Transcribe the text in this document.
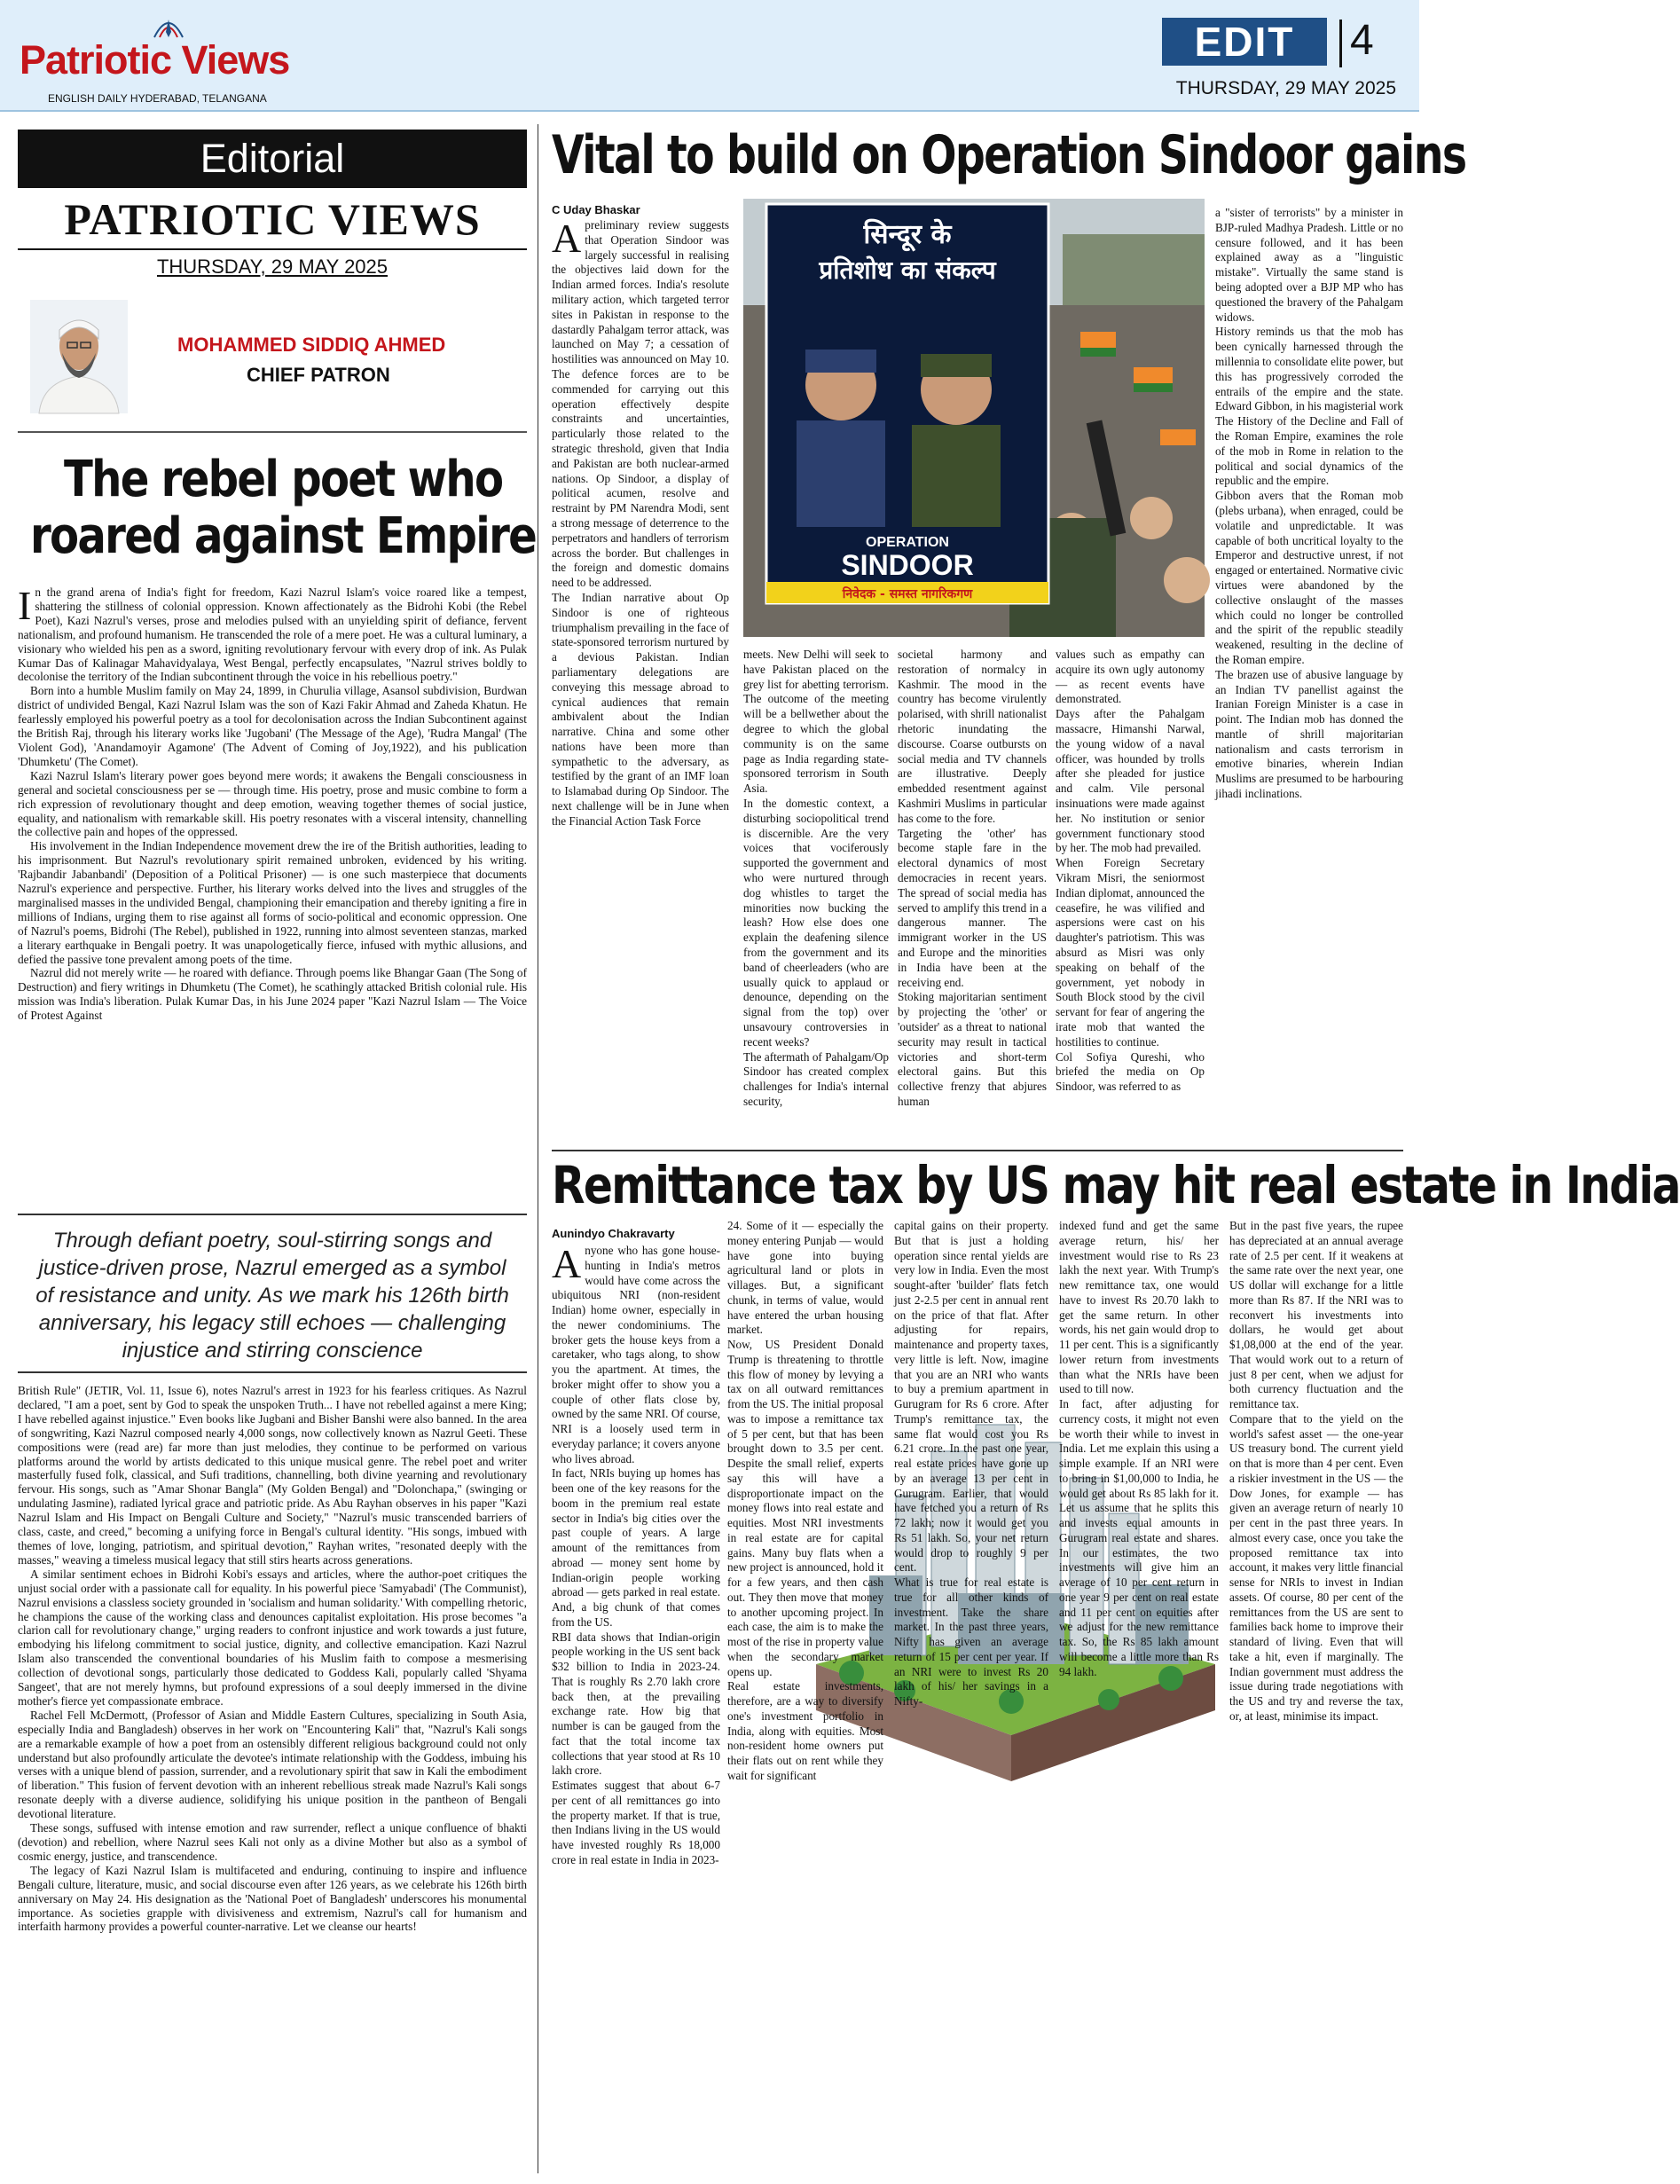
Patriotic Views
ENGLISH DAILY HYDERABAD, TELANGANA
EDIT	4
THURSDAY, 29 MAY 2025
Editorial
PATRIOTIC VIEWS
THURSDAY, 29 MAY 2025
MOHAMMED SIDDIQ AHMED
CHIEF PATRON
The rebel poet who
roared against Empire

In the grand arena of India's fight for freedom, Kazi Nazrul Islam's voice roared like a tempest, shattering the stillness of colonial oppression. Known affectionately as the Bidrohi Kobi (the Rebel Poet), Kazi Nazrul's verses, prose and melodies pulsed with an unyielding spirit of defiance, fervent nationalism, and profound humanism. He transcended the role of a mere poet. He was a cultural luminary, a visionary who wielded his pen as a sword, igniting revolutionary fervour with every drop of ink. As Pulak Kumar Das of Kalinagar Mahavidyalaya, West Bengal, perfectly encapsulates, "Nazrul strives boldly to decolonise the territory of the Indian subcontinent through the voice in his rebellious poetry."

Born into a humble Muslim family on May 24, 1899, in Churulia village, Asansol subdivision, Burdwan district of undivided Bengal, Kazi Nazrul Islam was the son of Kazi Fakir Ahmad and Zaheda Khatun. He fearlessly employed his powerful poetry as a tool for decolonisation across the Indian Subcontinent against the British Raj, through his literary works like 'Jugobani' (The Message of the Age), 'Rudra Mangal' (The Violent God), 'Anandamoyir Agamone' (The Advent of Coming of Joy,1922), and his publication 'Dhumketu' (The Comet).

Kazi Nazrul Islam's literary power goes beyond mere words; it awakens the Bengali consciousness in general and societal consciousness per se — through time. His poetry, prose and music combine to form a rich expression of revolutionary thought and deep emotion, weaving together themes of social justice, equality, and nationalism with remarkable skill. His poetry resonates with a visceral intensity, channelling the collective pain and hopes of the oppressed.

His involvement in the Indian Independence movement drew the ire of the British authorities, leading to his imprisonment. But Nazrul's revolutionary spirit remained unbroken, evidenced by his writing. 'Rajbandir Jabanbandi' (Deposition of a Political Prisoner) — is one such masterpiece that documents Nazrul's experience and perspective. Further, his literary works delved into the lives and struggles of the marginalised masses in the undivided Bengal, championing their emancipation and thereby igniting a fire in millions of Indians, urging them to rise against all forms of socio-political and economic oppression. One of Nazrul's poems, Bidrohi (The Rebel), published in 1922, running into almost seventeen stanzas, marked a literary earthquake in Bengali poetry. It was unapologetically fierce, infused with mythic allusions, and defied the passive tone prevalent among poets of the time.

Nazrul did not merely write — he roared with defiance. Through poems like Bhangar Gaan (The Song of Destruction) and fiery writings in Dhumketu (The Comet), he scathingly attacked British colonial rule. His mission was India's liberation. Pulak Kumar Das, in his June 2024 paper "Kazi Nazrul Islam — The Voice of Protest Against

Through defiant poetry, soul-stirring songs and justice-driven prose, Nazrul emerged as a symbol of resistance and unity. As we mark his 126th birth anniversary, his legacy still echoes — challenging injustice and stirring conscience

British Rule" (JETIR, Vol. 11, Issue 6), notes Nazrul's arrest in 1923 for his fearless critiques. As Nazrul declared, "I am a poet, sent by God to speak the unspoken Truth... I have not rebelled against a mere King; I have rebelled against injustice." Even books like Jugbani and Bisher Banshi were also banned. In the area of songwriting, Kazi Nazrul composed nearly 4,000 songs, now collectively known as Nazrul Geeti. These compositions were (read are) far more than just melodies, they continue to be performed on various platforms around the world by artists dedicated to this unique musical genre. The rebel poet and writer masterfully fused folk, classical, and Sufi traditions, channelling, both divine yearning and revolutionary fervour. His songs, such as "Amar Shonar Bangla" (My Golden Bengal) and "Dolonchapa," (swinging or undulating Jasmine), radiated lyrical grace and patriotic pride. As Abu Rayhan observes in his paper "Kazi Nazrul Islam and His Impact on Bengali Culture and Society," "Nazrul's music transcended barriers of class, caste, and creed," becoming a unifying force in Bengal's cultural identity. "His songs, imbued with themes of love, longing, patriotism, and spiritual devotion," Rayhan writes, "resonated deeply with the masses," weaving a timeless musical legacy that still stirs hearts across generations.

A similar sentiment echoes in Bidrohi Kobi's essays and articles, where the author-poet critiques the unjust social order with a passionate call for equality. In his powerful piece 'Samyabadi' (The Communist), Nazrul envisions a classless society grounded in 'socialism and human solidarity.' With compelling rhetoric, he champions the cause of the working class and denounces capitalist exploitation. His prose becomes "a clarion call for revolutionary change," urging readers to confront injustice and work towards a just future, embodying his lifelong commitment to social justice, dignity, and collective emancipation. Kazi Nazrul Islam also transcended the conventional boundaries of his Muslim faith to compose a mesmerising collection of devotional songs, particularly those dedicated to Goddess Kali, popularly called 'Shyama Sangeet', that are not merely hymns, but profound expressions of a soul deeply immersed in the divine mother's fierce yet compassionate embrace.

Rachel Fell McDermott, (Professor of Asian and Middle Eastern Cultures, specializing in South Asia, especially India and Bangladesh) observes in her work on "Encountering Kali" that, "Nazrul's Kali songs are a remarkable example of how a poet from an ostensibly different religious background could not only understand but also profoundly articulate the devotee's intimate relationship with the Goddess, imbuing his verses with a unique blend of passion, surrender, and a revolutionary spirit that saw in Kali the embodiment of liberation." This fusion of fervent devotion with an inherent rebellious streak made Nazrul's Kali songs resonate deeply with a diverse audience, solidifying his unique position in the pantheon of Bengali devotional literature.

These songs, suffused with intense emotion and raw surrender, reflect a unique confluence of bhakti (devotion) and rebellion, where Nazrul sees Kali not only as a divine Mother but also as a symbol of cosmic energy, justice, and transcendence.

The legacy of Kazi Nazrul Islam is multifaceted and enduring, continuing to inspire and influence Bengali culture, literature, music, and social discourse even after 126 years, as we celebrate his 126th birth anniversary on May 24. His designation as the 'National Poet of Bangladesh' underscores his monumental importance. As societies grapple with divisiveness and extremism, Nazrul's call for humanism and interfaith harmony provides a powerful counter-narrative. Let we cleanse our hearts!

Vital to build on Operation Sindoor gains
C Uday Bhaskar
सिन्दूर के
प्रतिशोध का संकल्प
OPERATION
SINDOOR
निवेदक - समस्त नागरिकगण

Apreliminary review suggests that Operation Sindoor was largely successful in realising the objectives laid down for the Indian armed forces. India's resolute military action, which targeted terror sites in Pakistan in response to the dastardly Pahalgam terror attack, was launched on May 7; a cessation of hostilities was announced on May 10. The defence forces are to be commended for carrying out this operation effectively despite constraints and uncertainties, particularly those related to the strategic threshold, given that India and Pakistan are both nuclear-armed nations. Op Sindoor, a display of political acumen, resolve and restraint by PM Narendra Modi, sent a strong message of deterrence to the perpetrators and handlers of terrorism across the border. But challenges in the foreign and domestic domains need to be addressed.
The Indian narrative about Op Sindoor is one of righteous triumphalism prevailing in the face of state-sponsored terrorism nurtured by a devious Pakistan. Indian parliamentary delegations are conveying this message abroad to cynical audiences that remain ambivalent about the Indian narrative. China and some other nations have been more than sympathetic to the adversary, as testified by the grant of an IMF loan to Islamabad during Op Sindoor. The next challenge will be in June when the Financial Action Task Force

meets. New Delhi will seek to have Pakistan placed on the grey list for abetting terrorism. The outcome of the meeting will be a bellwether about the degree to which the global community is on the same page as India regarding state-sponsored terrorism in South Asia.
In the domestic context, a disturbing sociopolitical trend is discernible. Are the very voices that vociferously supported the government and who were nurtured through dog whistles to target the minorities now bucking the leash? How else does one explain the deafening silence from the government and its band of cheerleaders (who are usually quick to applaud or denounce, depending on the signal from the top) over unsavoury controversies in recent weeks?
The aftermath of Pahalgam/Op Sindoor has created complex challenges for India's internal security,
societal harmony and restoration of normalcy in Kashmir. The mood in the country has become virulently polarised, with shrill nationalist rhetoric inundating the discourse. Coarse outbursts on social media and TV channels are illustrative. Deeply embedded resentment against Kashmiri Muslims in particular has come to the fore.
Targeting the 'other' has become staple fare in the electoral dynamics of most democracies in recent years. The spread of social media has served to amplify this trend in a dangerous manner. The immigrant worker in the US and Europe and the minorities in India have been at the receiving end.
Stoking majoritarian sentiment by projecting the 'other' or 'outsider' as a threat to national security may result in tactical victories and short-term electoral gains. But this collective frenzy that abjures human
values such as empathy can acquire its own ugly autonomy — as recent events have demonstrated.
Days after the Pahalgam massacre, Himanshi Narwal, the young widow of a naval officer, was hounded by trolls after she pleaded for justice and calm. Vile personal insinuations were made against her. No institution or senior government functionary stood by her. The mob had prevailed.
When Foreign Secretary Vikram Misri, the seniormost Indian diplomat, announced the ceasefire, he was vilified and aspersions were cast on his daughter's patriotism. This was absurd as Misri was only speaking on behalf of the government, yet nobody in South Block stood by the civil servant for fear of angering the irate mob that wanted the hostilities to continue.
Col Sofiya Qureshi, who briefed the media on Op Sindoor, was referred to as
a "sister of terrorists" by a minister in BJP-ruled Madhya Pradesh. Little or no censure followed, and it has been explained away as a "linguistic mistake". Virtually the same stand is being adopted over a BJP MP who has questioned the bravery of the Pahalgam widows.
History reminds us that the mob has been cynically harnessed through the millennia to consolidate elite power, but this has progressively corroded the entrails of the empire and the state. Edward Gibbon, in his magisterial work The History of the Decline and Fall of the Roman Empire, examines the role of the mob in Rome in relation to the political and social dynamics of the republic and the empire.
Gibbon avers that the Roman mob (plebs urbana), when enraged, could be volatile and unpredictable. It was capable of both uncritical loyalty to the Emperor and destructive unrest, if not engaged or entertained. Normative civic virtues were abandoned by the collective onslaught of the masses which could no longer be controlled and the spirit of the republic steadily weakened, resulting in the decline of the Roman empire.
The brazen use of abusive language by an Indian TV panellist against the Iranian Foreign Minister is a case in point. The Indian mob has donned the mantle of shrill majoritarian nationalism and casts terrorism in emotive binaries, wherein Indian Muslims are presumed to be harbouring jihadi inclinations.
Remittance tax by US may hit real estate in India
Aunindyo Chakravarty

Anyone who has gone house-hunting in India's metros would have come across the ubiquitous NRI (non-resident Indian) home owner, especially in the newer condominiums. The broker gets the house keys from a caretaker, who tags along, to show you the apartment. At times, the broker might offer to show you a couple of other flats close by, owned by the same NRI. Of course, NRI is a loosely used term in everyday parlance; it covers anyone who lives abroad.
In fact, NRIs buying up homes has been one of the key reasons for the boom in the premium real estate sector in India's big cities over the past couple of years. A large amount of the remittances from abroad — money sent home by Indian-origin people working abroad — gets parked in real estate. And, a big chunk of that comes from the US.
RBI data shows that Indian-origin people working in the US sent back $32 billion to India in 2023-24. That is roughly Rs 2.70 lakh crore back then, at the prevailing exchange rate. How big that number is can be gauged from the fact that the total income tax collections that year stood at Rs 10 lakh crore.
Estimates suggest that about 6-7 per cent of all remittances go into the property market. If that is true, then Indians living in the US would have invested roughly Rs 18,000 crore in real estate in India in 2023-

24. Some of it — especially the money entering Punjab — would have gone into buying agricultural land or plots in villages. But, a significant chunk, in terms of value, would have entered the urban housing market.
Now, US President Donald Trump is threatening to throttle this flow of money by levying a tax on all outward remittances from the US. The initial proposal was to impose a remittance tax of 5 per cent, but that has been brought down to 3.5 per cent. Despite the small relief, experts say this will have a disproportionate impact on the money flows into real estate and equities. Most NRI investments in real estate are for capital gains. Many buy flats when a new project is announced, hold it for a few years, and then cash out. They then move that money to another upcoming project. In each case, the aim is to make the most of the rise in property value when the secondary market opens up.
Real estate investments, therefore, are a way to diversify one's investment portfolio in India, along with equities. Most non-resident home owners put their flats out on rent while they wait for significant
capital gains on their property. But that is just a holding operation since rental yields are very low in India. Even the most sought-after 'builder' flats fetch just 2-2.5 per cent in annual rent on the price of that flat. After adjusting for repairs, maintenance and property taxes, very little is left. Now, imagine that you are an NRI who wants to buy a premium apartment in Gurugram for Rs 6 crore. After Trump's remittance tax, the same flat would cost you Rs 6.21 crore. In the past one year, real estate prices have gone up by an average 13 per cent in Gurugram. Earlier, that would have fetched you a return of Rs 72 lakh; now it would get you Rs 51 lakh. So, your net return would drop to roughly 9 per cent.
What is true for real estate is true for all other kinds of investment. Take the share market. In the past three years, Nifty has given an average return of 15 per cent per year. If an NRI were to invest Rs 20 lakh of his/ her savings in a Nifty-
indexed fund and get the same average return, his/ her investment would rise to Rs 23 lakh the next year. With Trump's new remittance tax, one would have to invest Rs 20.70 lakh to get the same return. In other words, his net gain would drop to 11 per cent. This is a significantly lower return from investments than what the NRIs have been used to till now.
In fact, after adjusting for currency costs, it might not even be worth their while to invest in India. Let me explain this using a simple example. If an NRI were to bring in $1,00,000 to India, he would get about Rs 85 lakh for it. Let us assume that he splits this and invests equal amounts in Gurugram real estate and shares. In our estimates, the two investments will give him an average of 10 per cent return in one year 9 per cent on real estate and 11 per cent on equities after we adjust for the new remittance tax. So, the Rs 85 lakh amount will become a little more than Rs 94 lakh.
But in the past five years, the rupee has depreciated at an annual average rate of 2.5 per cent. If it weakens at the same rate over the next year, one US dollar will exchange for a little more than Rs 87. If the NRI was to reconvert his investments into dollars, he would get about $1,08,000 at the end of the year. That would work out to a return of just 8 per cent, when we adjust for both currency fluctuation and the remittance tax.
Compare that to the yield on the world's safest asset — the one-year US treasury bond. The current yield on that is more than 4 per cent. Even a riskier investment in the US — the Dow Jones, for example — has given an average return of nearly 10 per cent in the past three years. In almost every case, once you take the proposed remittance tax into account, it makes very little financial sense for NRIs to invest in Indian assets. Of course, 80 per cent of the remittances from the US are sent to families back home to improve their standard of living. Even that will take a hit, even if marginally. The Indian government must address the issue during trade negotiations with the US and try and reverse the tax, or, at least, minimise its impact.
